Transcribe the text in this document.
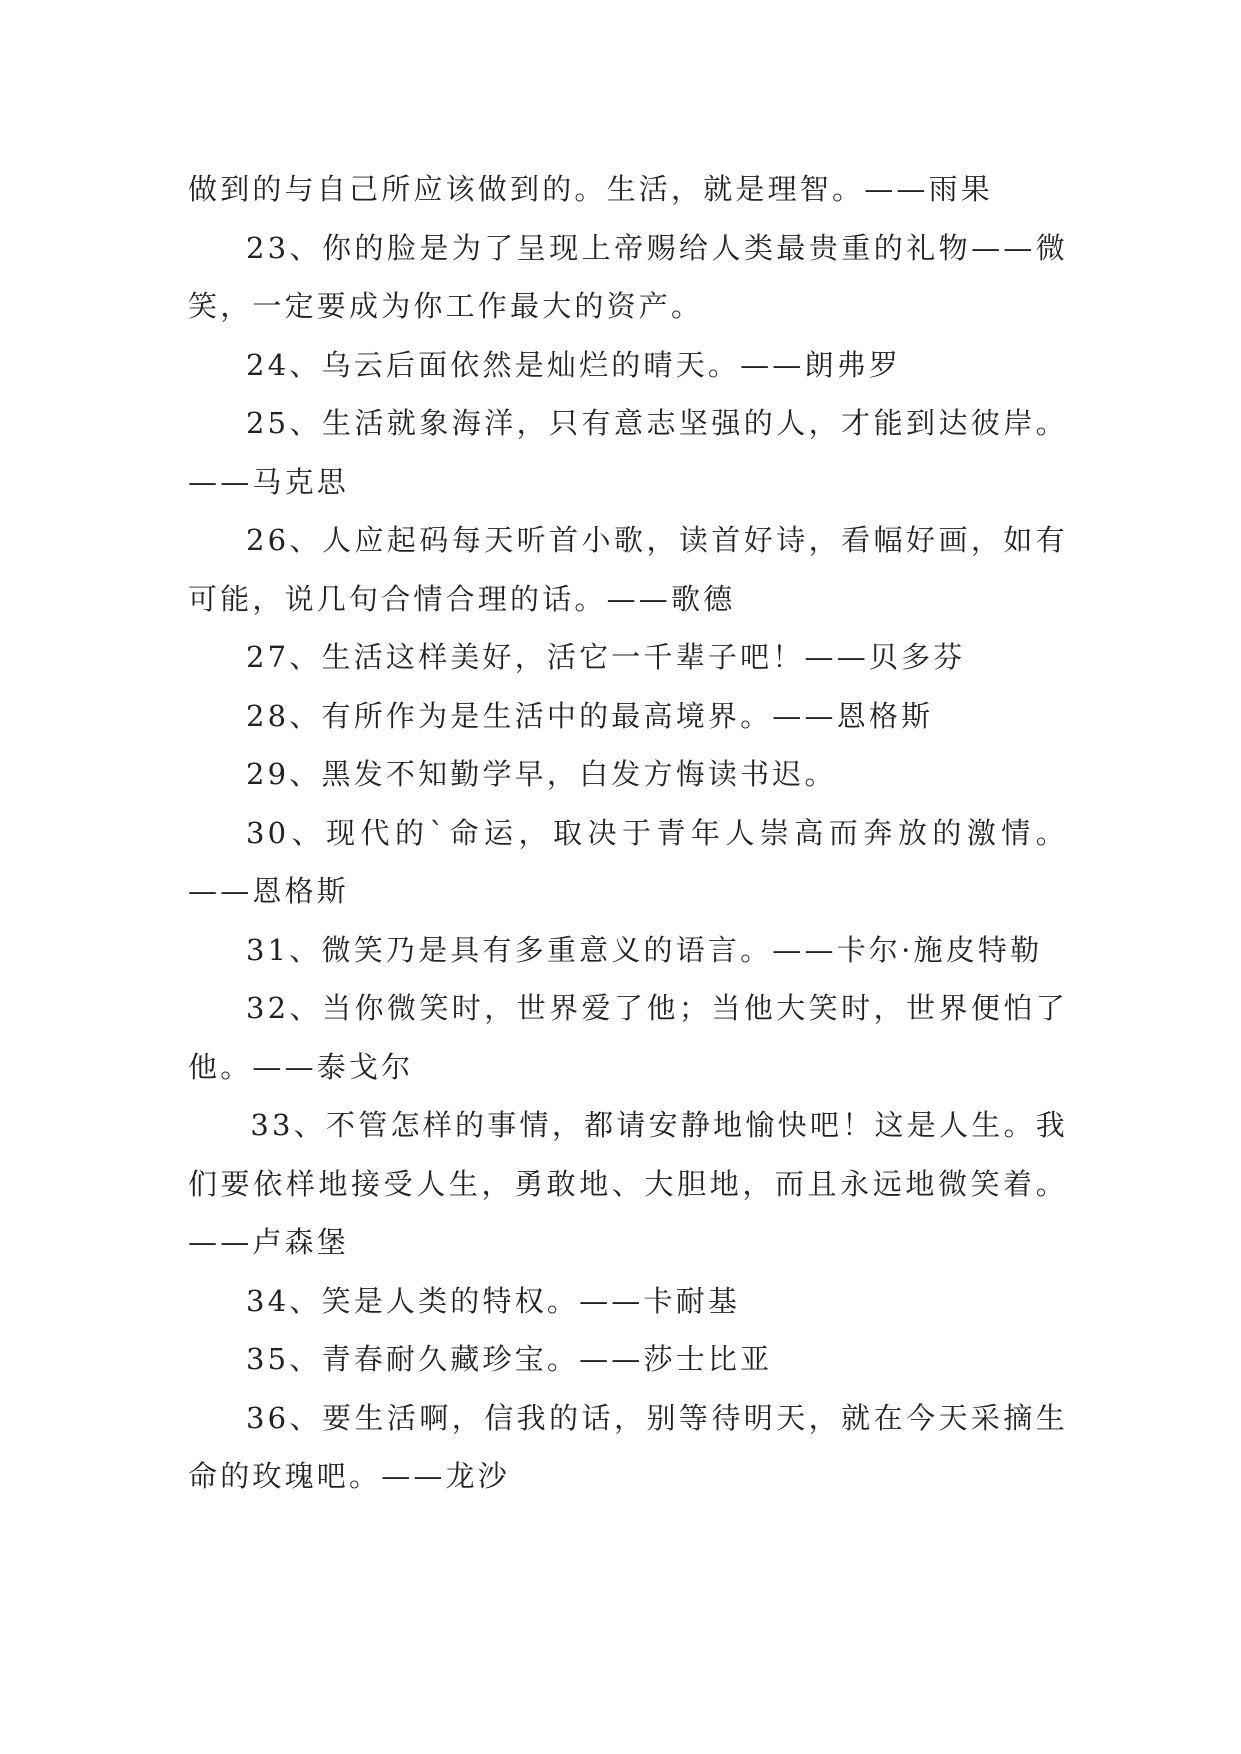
做到的与自己所应该做到的。生活，就是理智。——雨果

23、你的脸是为了呈现上帝赐给人类最贵重的礼物——微笑，一定要成为你工作最大的资产。

24、乌云后面依然是灿烂的晴天。——朗弗罗

25、生活就象海洋，只有意志坚强的人，才能到达彼岸。——马克思

26、人应起码每天听首小歌，读首好诗，看幅好画，如有可能，说几句合情合理的话。——歌德

27、生活这样美好，活它一千辈子吧！——贝多芬

28、有所作为是生活中的最高境界。——恩格斯

29、黑发不知勤学早，白发方悔读书迟。

30、现代的`命运，取决于青年人崇高而奔放的激情。——恩格斯

31、微笑乃是具有多重意义的语言。——卡尔·施皮特勒

32、当你微笑时，世界爱了他；当他大笑时，世界便怕了他。——泰戈尔

33、不管怎样的事情，都请安静地愉快吧！这是人生。我们要依样地接受人生，勇敢地、大胆地，而且永远地微笑着。——卢森堡

34、笑是人类的特权。——卡耐基

35、青春耐久藏珍宝。——莎士比亚

36、要生活啊，信我的话，别等待明天，就在今天采摘生命的玫瑰吧。——龙沙
